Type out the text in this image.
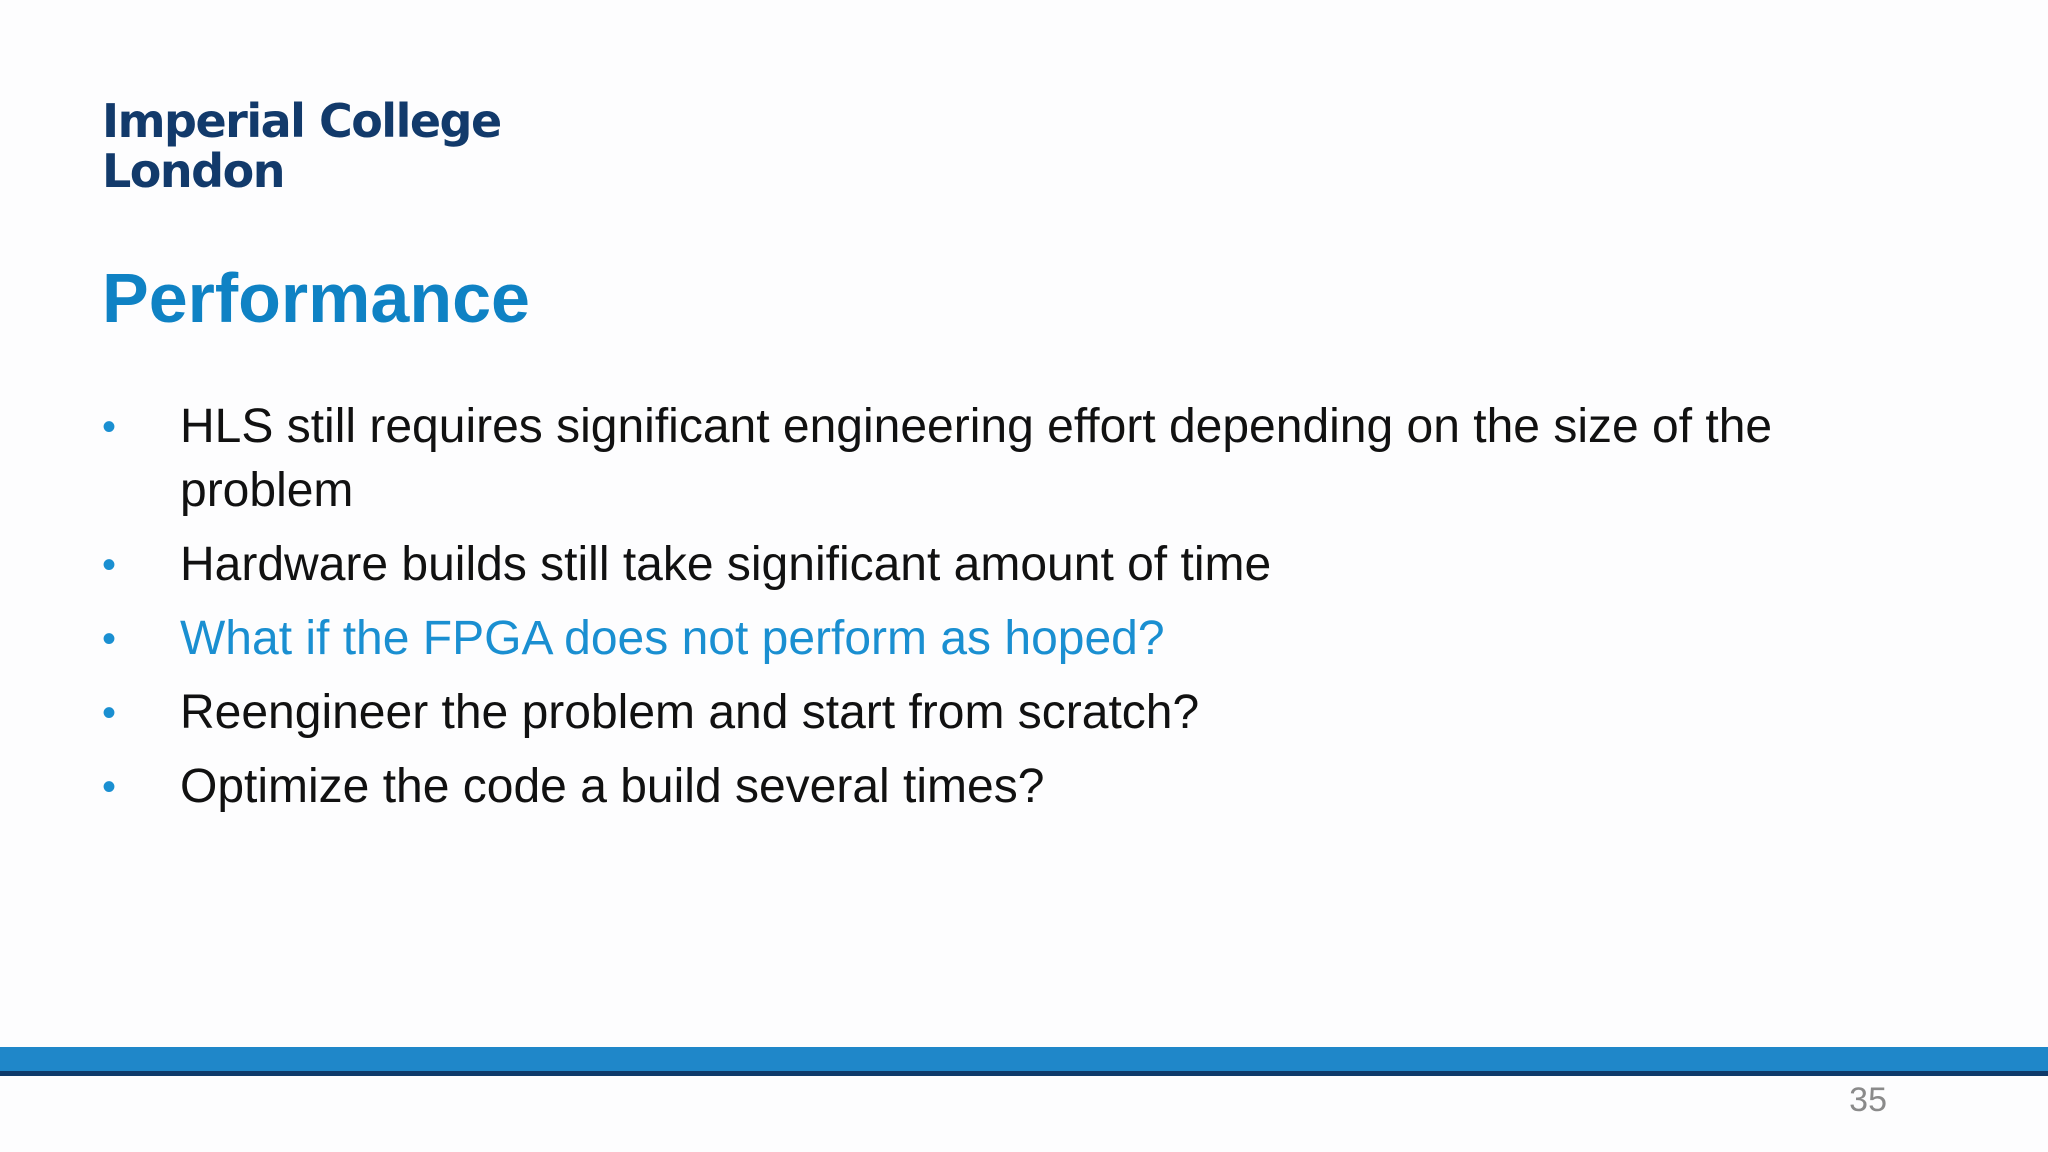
Imperial College
London
Performance
• HLS still requires significant engineering effort depending on the size of the problem
• Hardware builds still take significant amount of time
• What if the FPGA does not perform as hoped?
• Reengineer the problem and start from scratch?
• Optimize the code a build several times?
35
